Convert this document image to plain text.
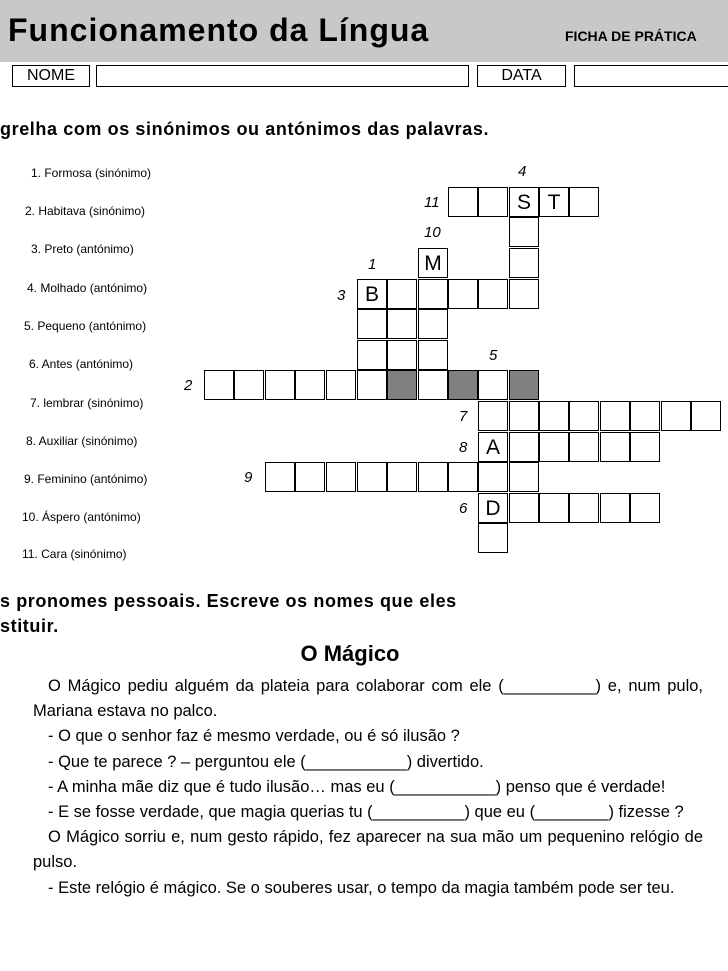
Funcionamento da Língua	FICHA DE PRÁTICA
NOME	DATA
grelha com os sinónimos ou antónimos das palavras.
1. Formosa (sinónimo)
2. Habitava (sinónimo)
3. Preto (antónimo)
4. Molhado (antónimo)
5. Pequeno (antónimo)
6. Antes (antónimo)
7. lembrar (sinónimo)
8. Auxiliar (sinónimo)
9. Feminino (antónimo)
10. Áspero (antónimo)
11. Cara (sinónimo)
4
11
10
1
3
5
2
7
8
9
6
S T
M
B
A
D
s pronomes pessoais. Escreve os nomes que eles
stituir.
O Mágico

O Mágico pediu alguém da plateia para colaborar com ele (__________) e, num pulo, Mariana estava no palco.

- O que o senhor faz é mesmo verdade, ou é só ilusão ?

- Que te parece ? – perguntou ele (___________) divertido.

- A minha mãe diz que é tudo ilusão… mas eu (___________) penso que é verdade!

- E se fosse verdade, que magia querias tu (__________) que eu (________) fizesse ?

O Mágico sorriu e, num gesto rápido, fez aparecer na sua mão um pequenino relógio de pulso.

- Este relógio é mágico. Se o souberes usar, o tempo da magia também pode ser teu.
